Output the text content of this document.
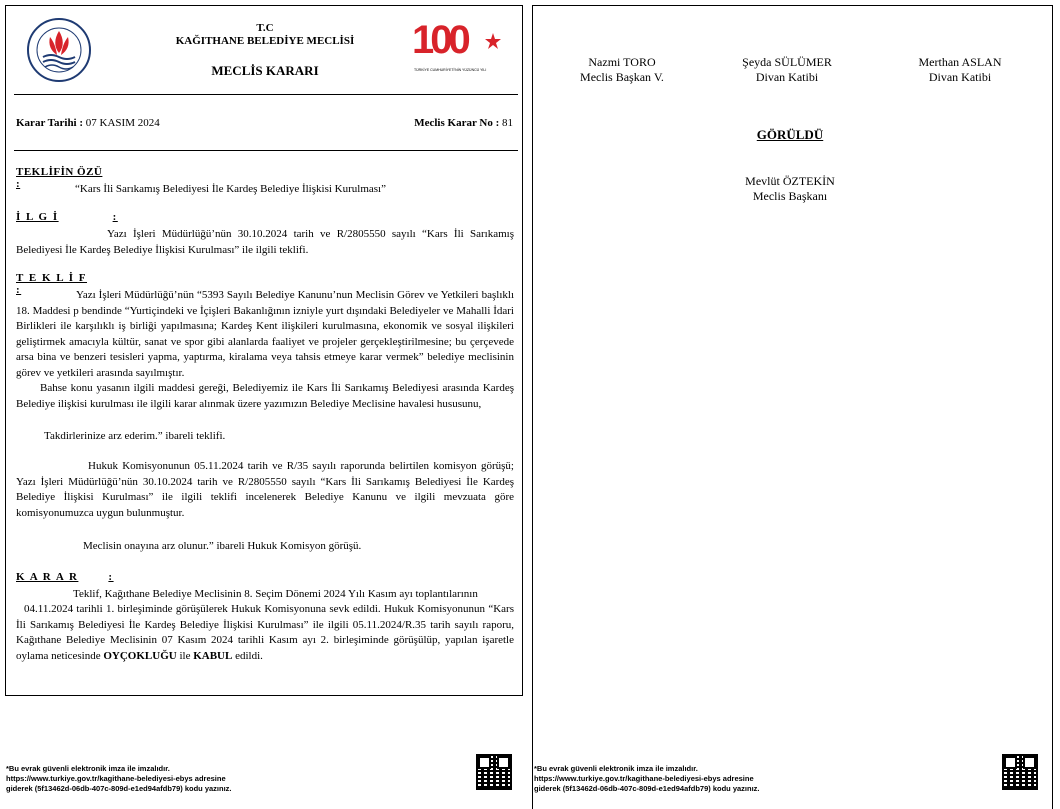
T.C
KAĞITHANE BELEDİYE MECLİSİ
MECLİS KARARI
100
TÜRKİYE CUMHURİYETİ'NİN YÜZÜNCÜ YILI
Karar Tarihi : 07 KASIM 2024	Meclis Karar No : 81
TEKLİFİN ÖZÜ:	“Kars İli Sarıkamış Belediyesi İle Kardeş Belediye İlişkisi Kurulması”
İ L G İ	:
Yazı İşleri Müdürlüğü’nün 30.10.2024 tarih ve R/2805550 sayılı “Kars İli Sarıkamış Belediyesi İle Kardeş Belediye İlişkisi Kurulması” ile ilgili teklifi.
T E K L İ F:	Yazı İşleri Müdürlüğü’nün “5393 Sayılı Belediye Kanunu’nun Meclisin Görev ve Yetkileri başlıklı 18. Maddesi p bendinde “Yurtiçindeki ve İçişleri Bakanlığının izniyle yurt dışındaki Belediyeler ve Mahalli İdari Birlikleri ile karşılıklı iş birliği yapılmasına; Kardeş Kent ilişkileri kurulmasına, ekonomik ve sosyal ilişkileri geliştirmek amacıyla kültür, sanat ve spor gibi alanlarda faaliyet ve projeler gerçekleştirilmesine; bu çerçevede arsa bina ve benzeri tesisleri yapma, yaptırma, kiralama veya tahsis etmeye karar vermek” belediye meclisinin görev ve yetkileri arasında sayılmıştır.
Bahse konu yasanın ilgili maddesi gereği, Belediyemiz ile Kars İli Sarıkamış Belediyesi arasında Kardeş Belediye ilişkisi kurulması ile ilgili karar alınmak üzere yazımızın Belediye Meclisine havalesi hususunu,
Takdirlerinize arz ederim.” ibareli teklifi.
Hukuk Komisyonunun 05.11.2024 tarih ve R/35 sayılı raporunda belirtilen komisyon görüşü; Yazı İşleri Müdürlüğü’nün 30.10.2024 tarih ve R/2805550 sayılı “Kars İli Sarıkamış Belediyesi İle Kardeş Belediye İlişkisi Kurulması” ile ilgili teklifi incelenerek Belediye Kanunu ve ilgili mevzuata göre komisyonumuzca uygun bulunmuştur.
Meclisin onayına arz olunur.” ibareli Hukuk Komisyon görüşü.
K A R A R	:
Teklif, Kağıthane Belediye Meclisinin 8. Seçim Dönemi 2024 Yılı Kasım ayı toplantılarının
04.11.2024 tarihli 1. birleşiminde görüşülerek Hukuk Komisyonuna sevk edildi. Hukuk Komisyonunun “Kars İli Sarıkamış Belediyesi İle Kardeş Belediye İlişkisi Kurulması” ile ilgili 05.11.2024/R.35 tarih sayılı raporu, Kağıthane Belediye Meclisinin 07 Kasım 2024 tarihli Kasım ayı 2. birleşiminde görüşülüp, yapılan işaretle oylama neticesinde OYÇOKLUĞU ile KABUL edildi.
*Bu evrak güvenli elektronik imza ile imzalıdır.
https://www.turkiye.gov.tr/kagithane-belediyesi-ebys adresine
giderek (5f13462d-06db-407c-809d-e1ed94afdb79) kodu yazınız.
Nazmi TORO
Meclis Başkan V.
Şeyda SÜLÜMER
Divan Katibi
Merthan ASLAN
Divan Katibi
GÖRÜLDÜ
Mevlüt ÖZTEKİN
Meclis Başkanı
*Bu evrak güvenli elektronik imza ile imzalıdır.
https://www.turkiye.gov.tr/kagithane-belediyesi-ebys adresine
giderek (5f13462d-06db-407c-809d-e1ed94afdb79) kodu yazınız.
